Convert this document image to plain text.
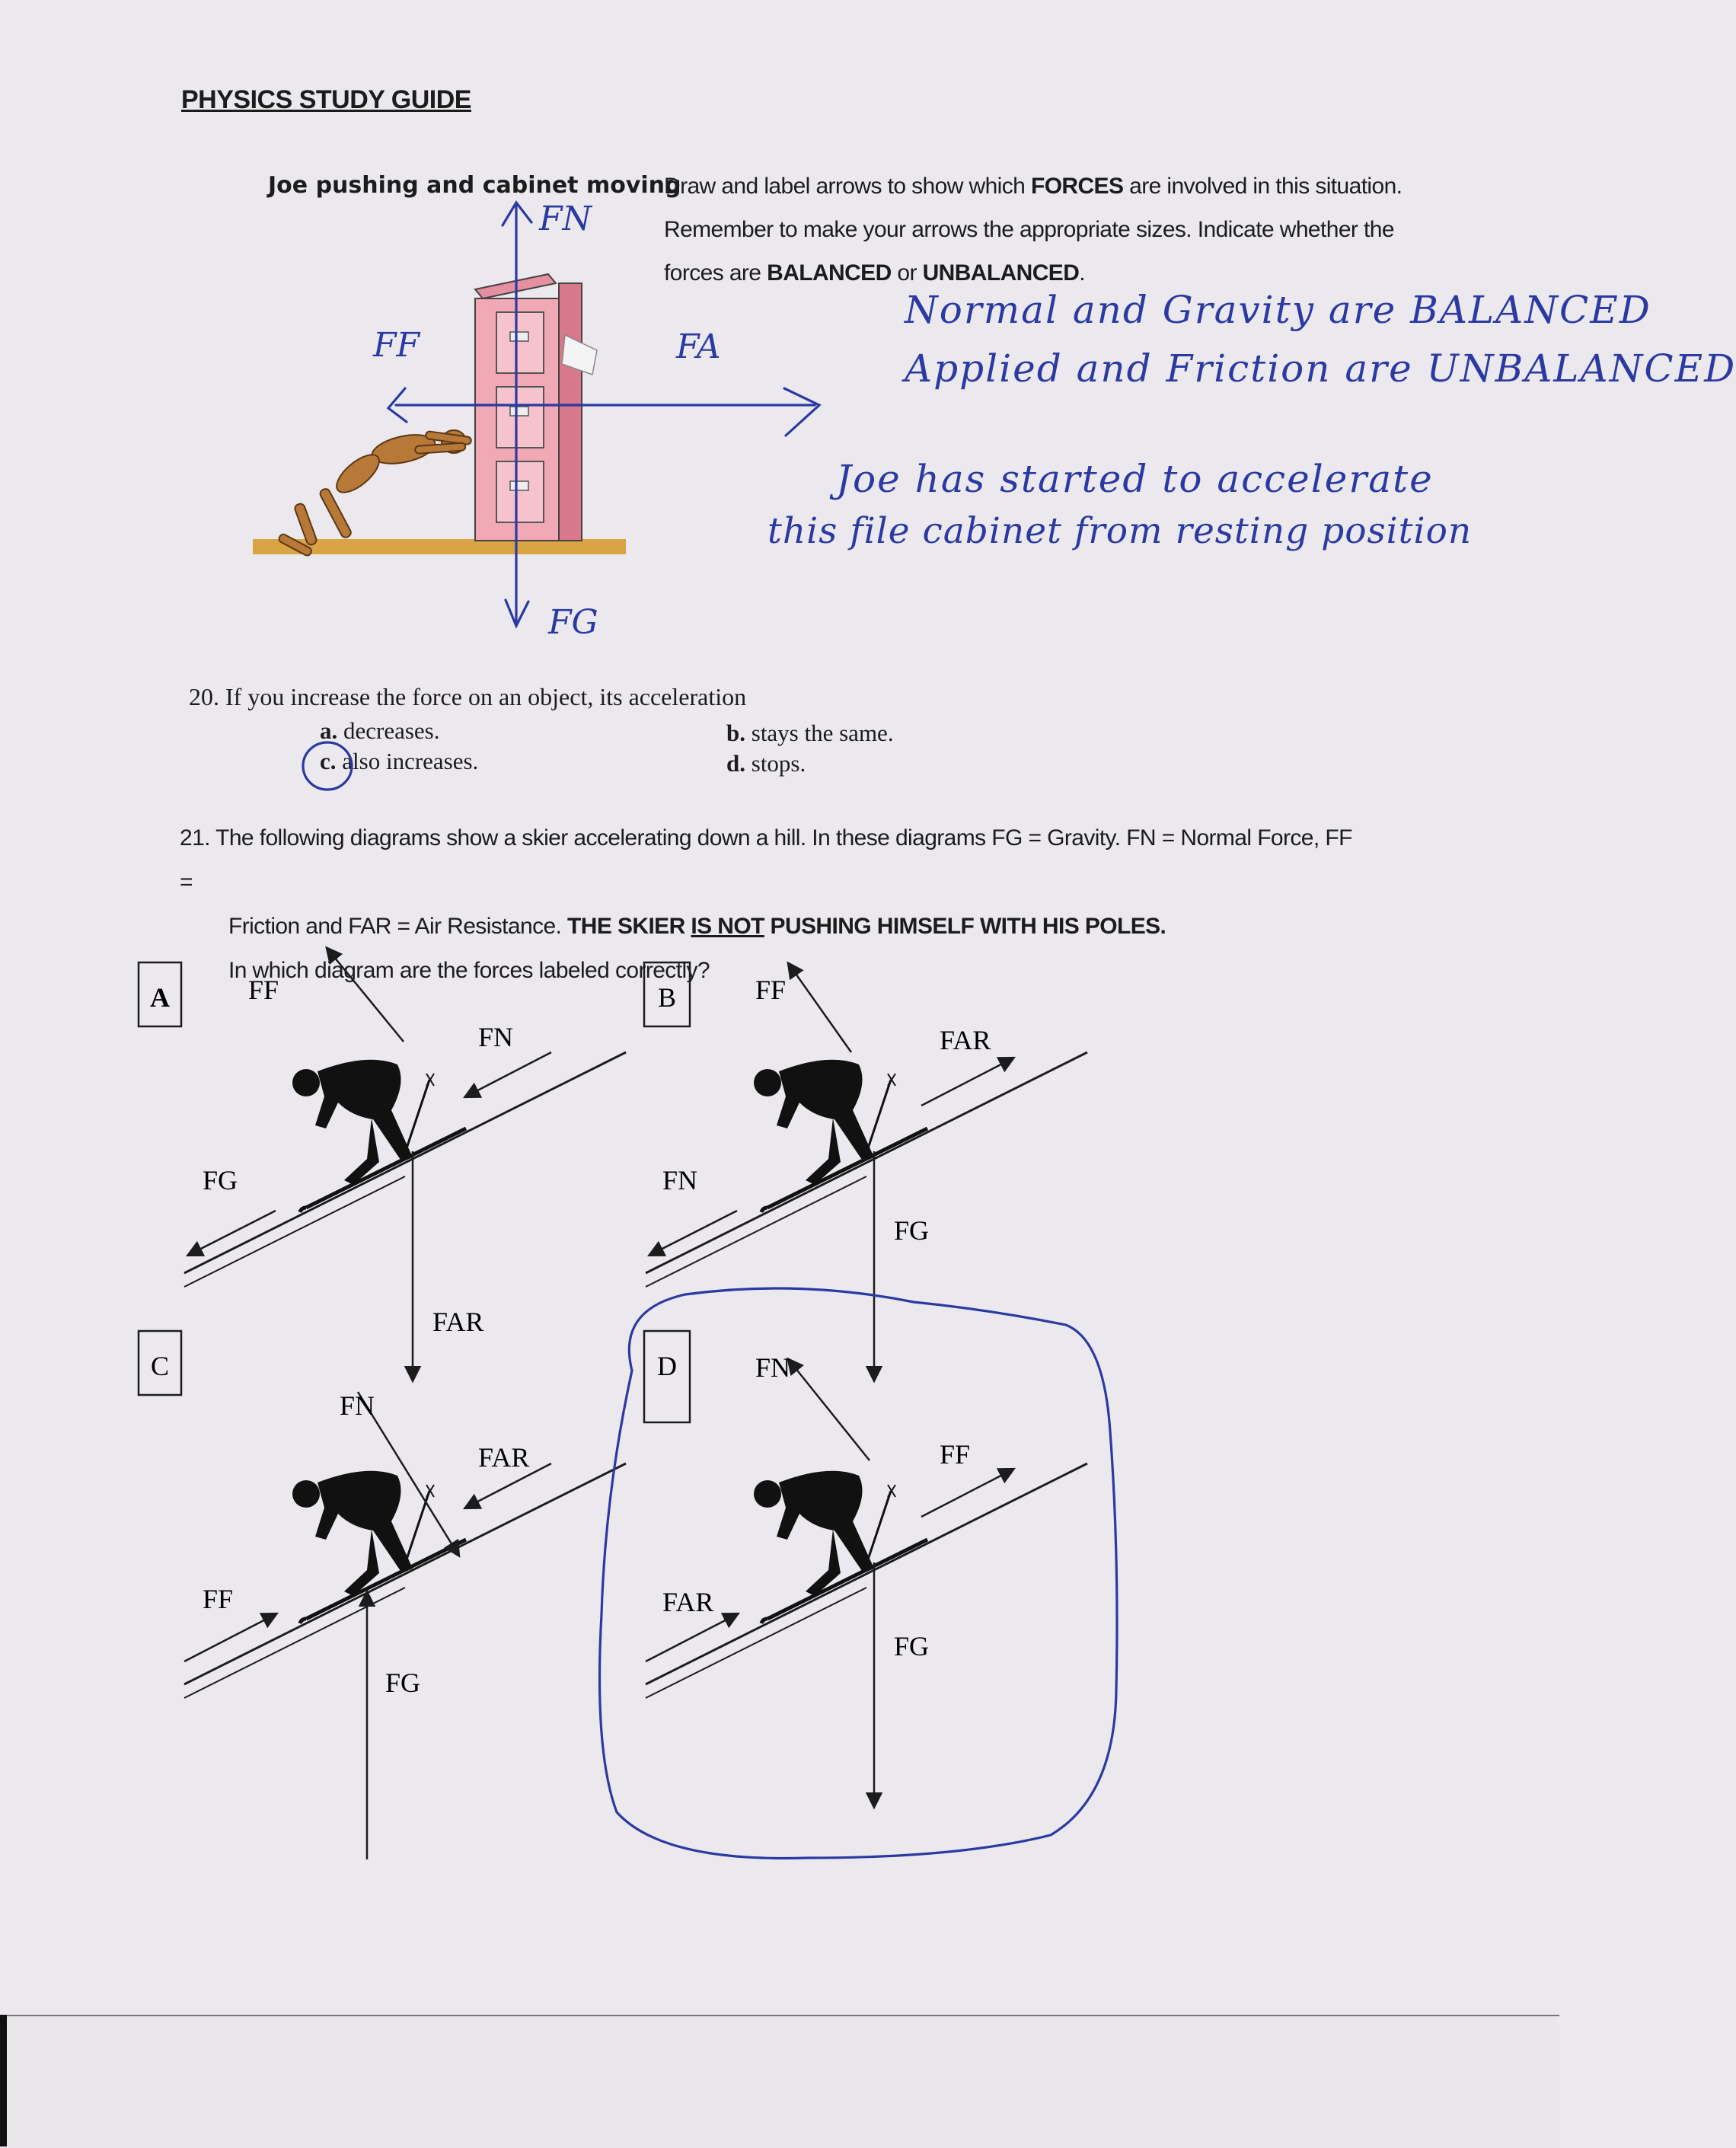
PHYSICS STUDY GUIDE
Joe pushing and cabinet moving
FN
FF	FA
FG
Draw and label arrows to show which FORCES are involved in this situation.
Remember to make your arrows the appropriate sizes. Indicate whether the
forces are BALANCED or UNBALANCED.
Normal and Gravity are BALANCED
Applied and Friction are UNBALANCED
Joe has started to accelerate
this file cabinet from resting position
20. If you increase the force on an object, its acceleration
a. decreases.	b. stays the same.
c. also increases.	d. stops.
21. The following diagrams show a skier accelerating down a hill. In these diagrams FG = Gravity. FN = Normal Force, FF =
Friction and FAR = Air Resistance. THE SKIER IS NOT PUSHING HIMSELF WITH HIS POLES.
In which diagram are the forces labeled correctly?
A	B
C	D
FF
FN
FG
FAR
FF
FAR
FN
FG
FN
FAR
FF
FG
FN
FF
FAR
FG
